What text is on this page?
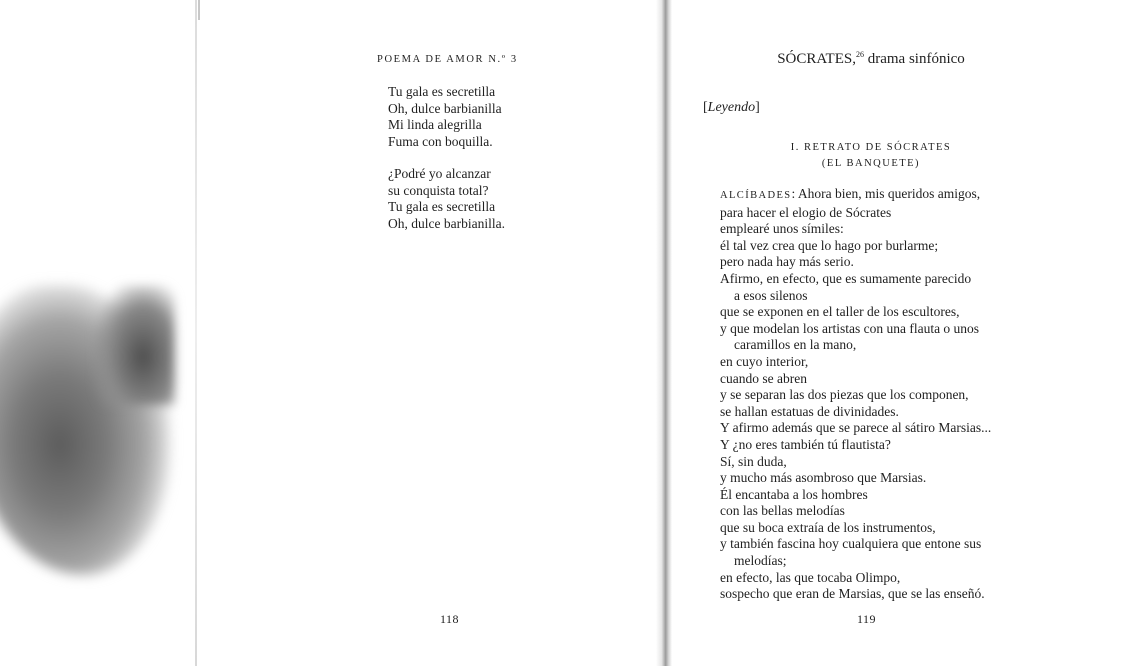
POEMA DE AMOR N.º 3
Tu gala es secretilla
Oh, dulce barbianilla
Mi linda alegrilla
Fuma con boquilla.
¿Podré yo alcanzar
su conquista total?
Tu gala es secretilla
Oh, dulce barbianilla.
118
SÓCRATES,$^{26}$ drama sinfónico

[Leyendo]

I. RETRATO DE SÓCRATES
(EL BANQUETE)
ALCÍBADES: Ahora bien, mis queridos amigos,
para hacer el elogio de Sócrates
emplearé unos símiles:
él tal vez crea que lo hago por burlarme;
pero nada hay más serio.
Afirmo, en efecto, que es sumamente parecido
a esos silenos
que se exponen en el taller de los escultores,
y que modelan los artistas con una flauta o unos
caramillos en la mano,
en cuyo interior,
cuando se abren
y se separan las dos piezas que los componen,
se hallan estatuas de divinidades.
Y afirmo además que se parece al sátiro Marsias...
Y ¿no eres también tú flautista?
Sí, sin duda,
y mucho más asombroso que Marsias.
Él encantaba a los hombres
con las bellas melodías
que su boca extraía de los instrumentos,
y también fascina hoy cualquiera que entone sus
melodías;
en efecto, las que tocaba Olimpo,
sospecho que eran de Marsias, que se las enseñó.
119
